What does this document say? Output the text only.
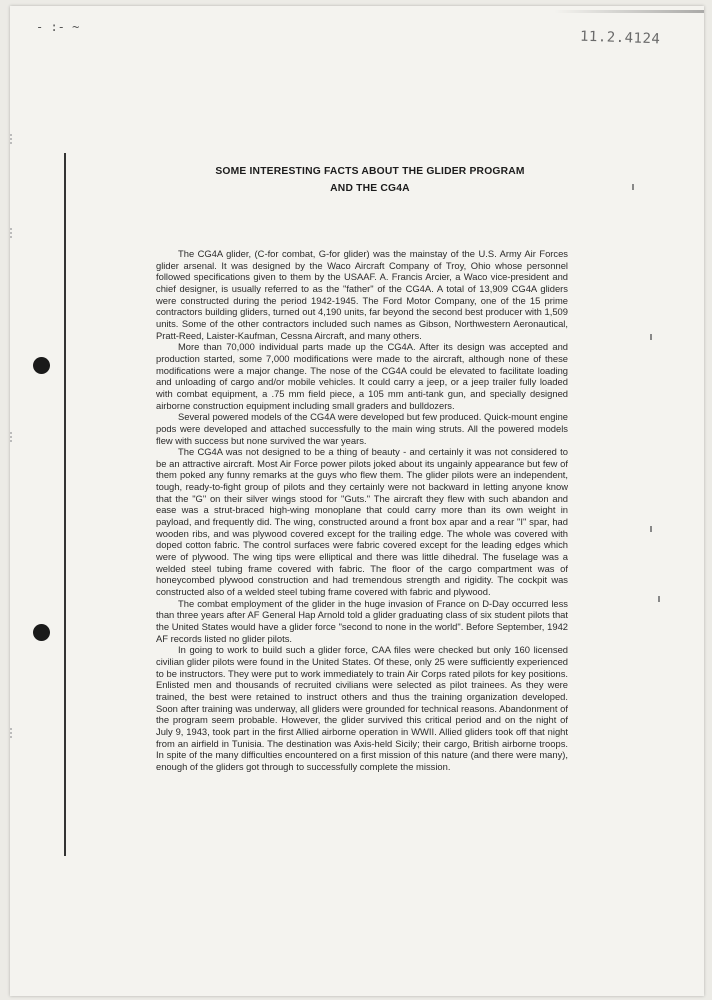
- :- ~
11.2.4124
SOME INTERESTING FACTS ABOUT THE GLIDER PROGRAM
AND THE CG4A

The CG4A glider, (C-for combat, G-for glider) was the mainstay of the U.S. Army Air Forces glider arsenal. It was designed by the Waco Aircraft Company of Troy, Ohio whose personnel followed specifications given to them by the USAAF. A. Francis Arcier, a Waco vice-president and chief designer, is usually referred to as the "father" of the CG4A. A total of 13,909 CG4A gliders were constructed during the period 1942-1945. The Ford Motor Company, one of the 15 prime contractors building gliders, turned out 4,190 units, far beyond the second best producer with 1,509 units. Some of the other contractors included such names as Gibson, Northwestern Aeronautical, Pratt-Reed, Laister-Kaufman, Cessna Aircraft, and many others.

More than 70,000 individual parts made up the CG4A. After its design was accepted and production started, some 7,000 modifications were made to the aircraft, although none of these modifications were a major change. The nose of the CG4A could be elevated to facilitate loading and unloading of cargo and/or mobile vehicles. It could carry a jeep, or a jeep trailer fully loaded with combat equipment, a .75 mm field piece, a 105 mm anti-tank gun, and specially designed airborne construction equipment including small graders and bulldozers.

Several powered models of the CG4A were developed but few produced. Quick-mount engine pods were developed and attached successfully to the main wing struts. All the powered models flew with success but none survived the war years.

The CG4A was not designed to be a thing of beauty - and certainly it was not considered to be an attractive aircraft. Most Air Force power pilots joked about its ungainly appearance but few of them poked any funny remarks at the guys who flew them. The glider pilots were an independent, tough, ready-to-fight group of pilots and they certainly were not backward in letting anyone know that the "G" on their silver wings stood for "Guts." The aircraft they flew with such abandon and ease was a strut-braced high-wing monoplane that could carry more than its own weight in payload, and frequently did. The wing, constructed around a front box apar and a rear "I" spar, had wooden ribs, and was plywood covered except for the trailing edge. The whole was covered with doped cotton fabric. The control surfaces were fabric covered except for the leading edges which were of plywood. The wing tips were elliptical and there was little dihedral. The fuselage was a welded steel tubing frame covered with fabric. The floor of the cargo compartment was of honeycombed plywood construction and had tremendous strength and rigidity. The cockpit was constructed also of a welded steel tubing frame covered with fabric and plywood.

The combat employment of the glider in the huge invasion of France on D-Day occurred less than three years after AF General Hap Arnold told a glider graduating class of six student pilots that the United States would have a glider force "second to none in the world". Before September, 1942 AF records listed no glider pilots.

In going to work to build such a glider force, CAA files were checked but only 160 licensed civilian glider pilots were found in the United States. Of these, only 25 were sufficiently experienced to be instructors. They were put to work immediately to train Air Corps rated pilots for key positions. Enlisted men and thousands of recruited civilians were selected as pilot trainees. As they were trained, the best were retained to instruct others and thus the training organization developed. Soon after training was underway, all gliders were grounded for technical reasons. Abandonment of the program seem probable. However, the glider survived this critical period and on the night of July 9, 1943, took part in the first Allied airborne operation in WWII. Allied gliders took off that night from an airfield in Tunisia. The destination was Axis-held Sicily; their cargo, British airborne troops. In spite of the many difficulties encountered on a first mission of this nature (and there were many), enough of the gliders got through to successfully complete the mission.
